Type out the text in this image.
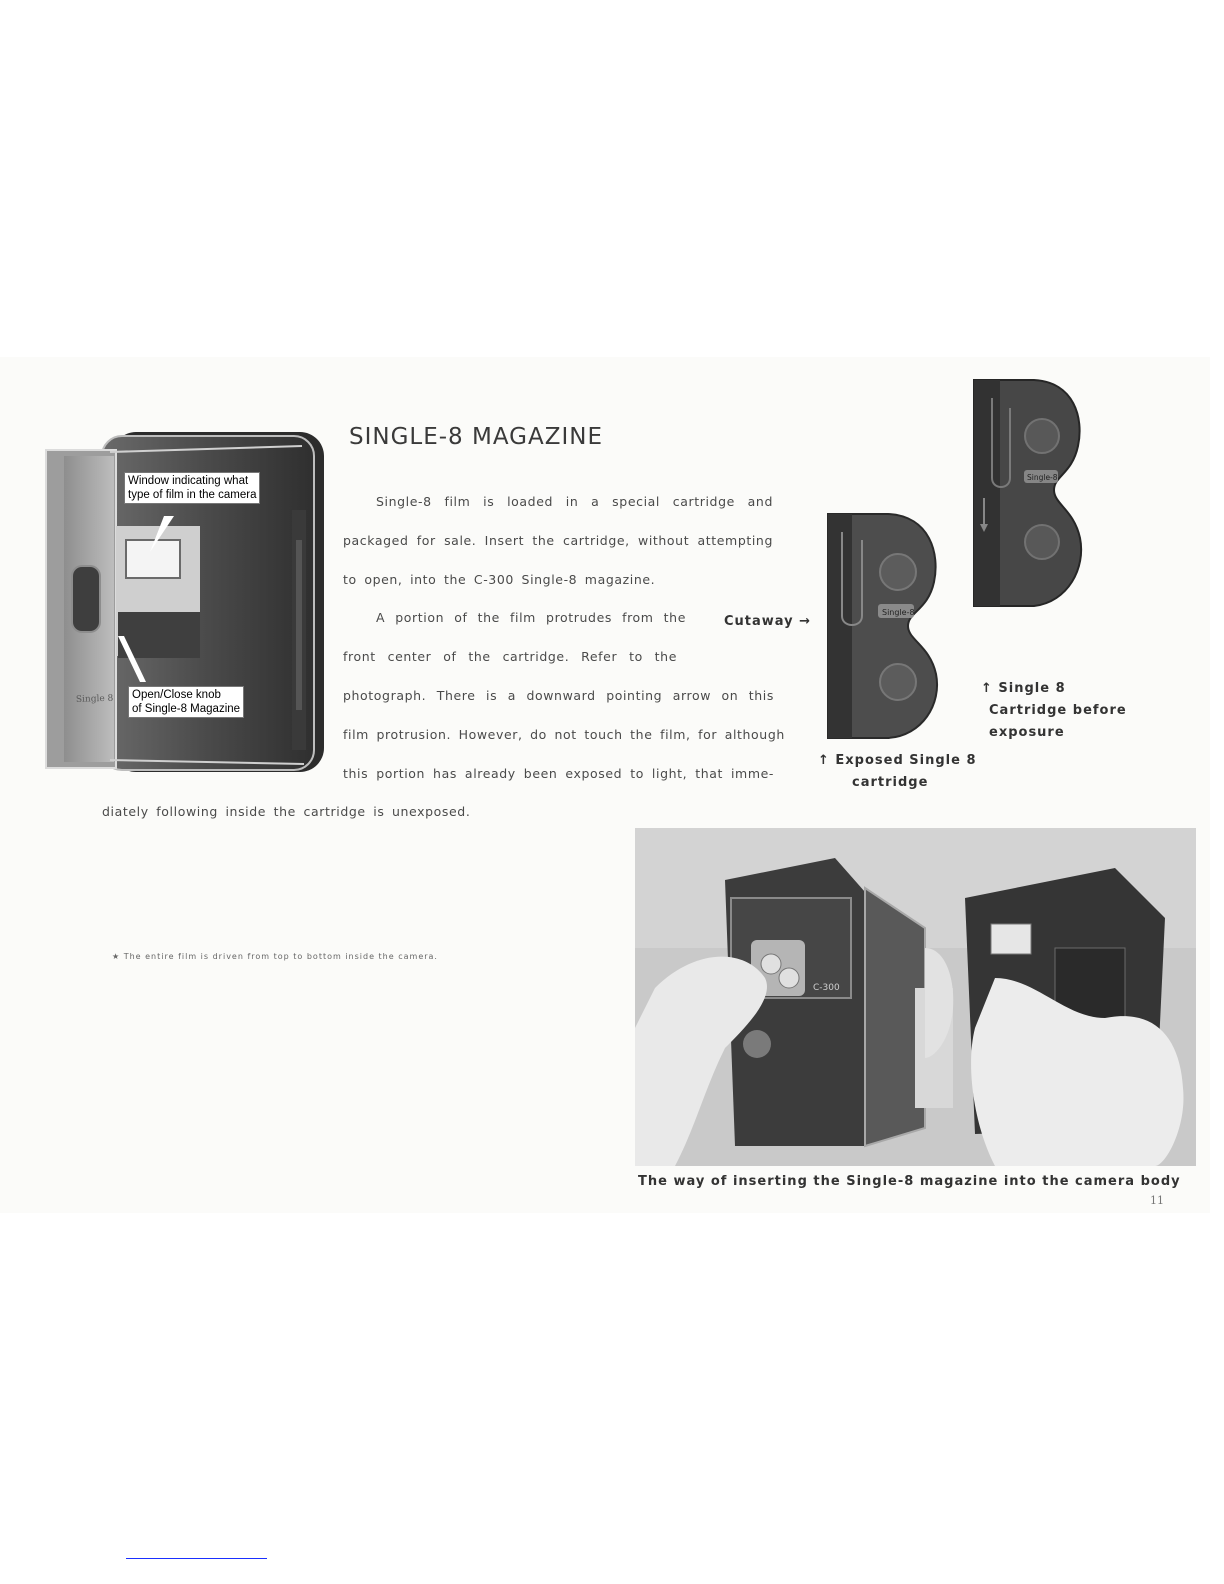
SINGLE-8 MAGAZINE
Single-8 film is loaded in a special cartridge and
packaged for sale. Insert the cartridge, without attempting
to open, into the C-300 Single-8 magazine.
A portion of the film protrudes from the
front center of the cartridge. Refer to the
photograph. There is a downward pointing arrow on this
film protrusion. However, do not touch the film, for although
this portion has already been exposed to light, that imme-
diately following inside the cartridge is unexposed.
Single 8
Window indicating what
type of film in the camera
Open/Close knob
of Single-8 Magazine
Cutaway →
Single-8
↑ Exposed Single 8
cartridge
Single-8
↑ Single 8
Cartridge before
exposure
★ The entire film is driven from top to bottom inside the camera.
C-300
The way of inserting the Single-8 magazine into the camera body
11
